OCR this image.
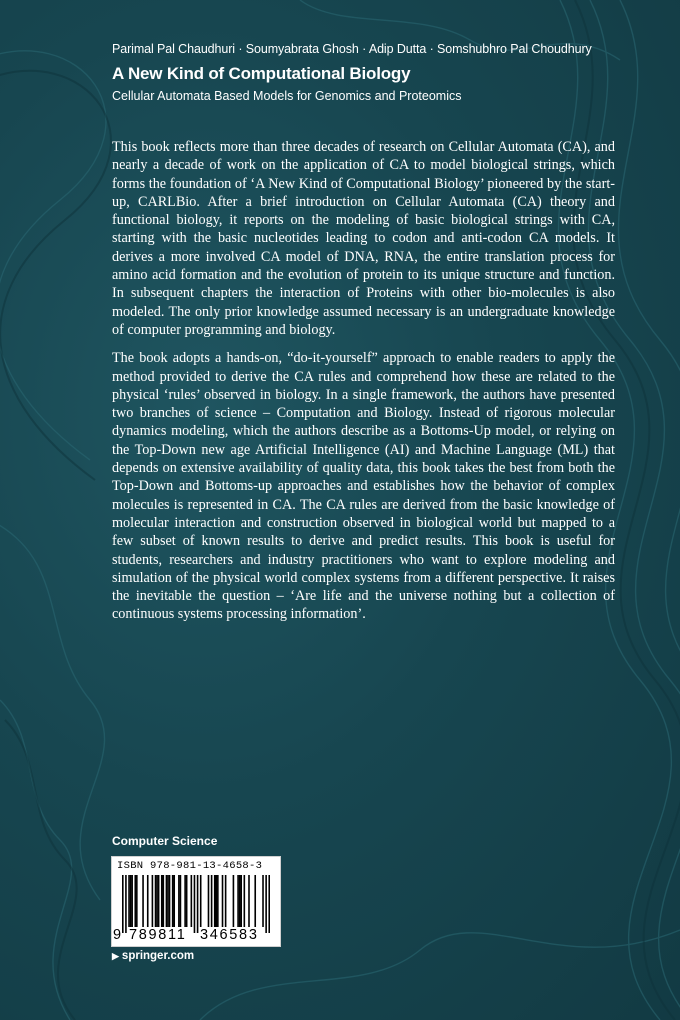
Parimal Pal Chaudhuri · Soumyabrata Ghosh · Adip Dutta · Somshubhro Pal Choudhury
A New Kind of Computational Biology
Cellular Automata Based Models for Genomics and Proteomics

This book reflects more than three decades of research on Cellular Automata (CA), and nearly a decade of work on the application of CA to model biological strings, which forms the foundation of ‘A New Kind of Computational Biology’ pioneered by the start-up, CARLBio. After a brief introduction on Cellular Automata (CA) theory and functional biology, it reports on the modeling of basic biological strings with CA, starting with the basic nucleotides leading to codon and anti-codon CA models. It derives a more involved CA model of DNA, RNA, the entire translation process for amino acid formation and the evolution of protein to its unique structure and function. In subsequent chapters the interaction of Proteins with other bio-molecules is also modeled. The only prior knowledge assumed necessary is an undergraduate knowledge of computer programming and biology.

The book adopts a hands-on, “do-it-yourself” approach to enable readers to apply the method provided to derive the CA rules and comprehend how these are related to the physical ‘rules’ observed in biology. In a single framework, the authors have presented two branches of science – Computation and Biology. Instead of rigorous molecular dynamics modeling, which the authors describe as a Bottoms-Up model, or relying on the Top-Down new age Artificial Intelligence (AI) and Machine Language (ML) that depends on extensive availability of quality data, this book takes the best from both the Top-Down and Bottoms-up approaches and establishes how the behavior of complex molecules is represented in CA. The CA rules are derived from the basic knowledge of molecular interaction and construction observed in biological world but mapped to a few subset of known results to derive and predict results. This book is useful for students, researchers and industry practitioners who want to explore modeling and simulation of the physical world complex systems from a different perspective. It raises the inevitable the question – ‘Are life and the universe nothing but a collection of continuous systems processing information’.

Computer Science
ISBN 978-981-13-4658-3
9 789811 346583
▶ springer.com
